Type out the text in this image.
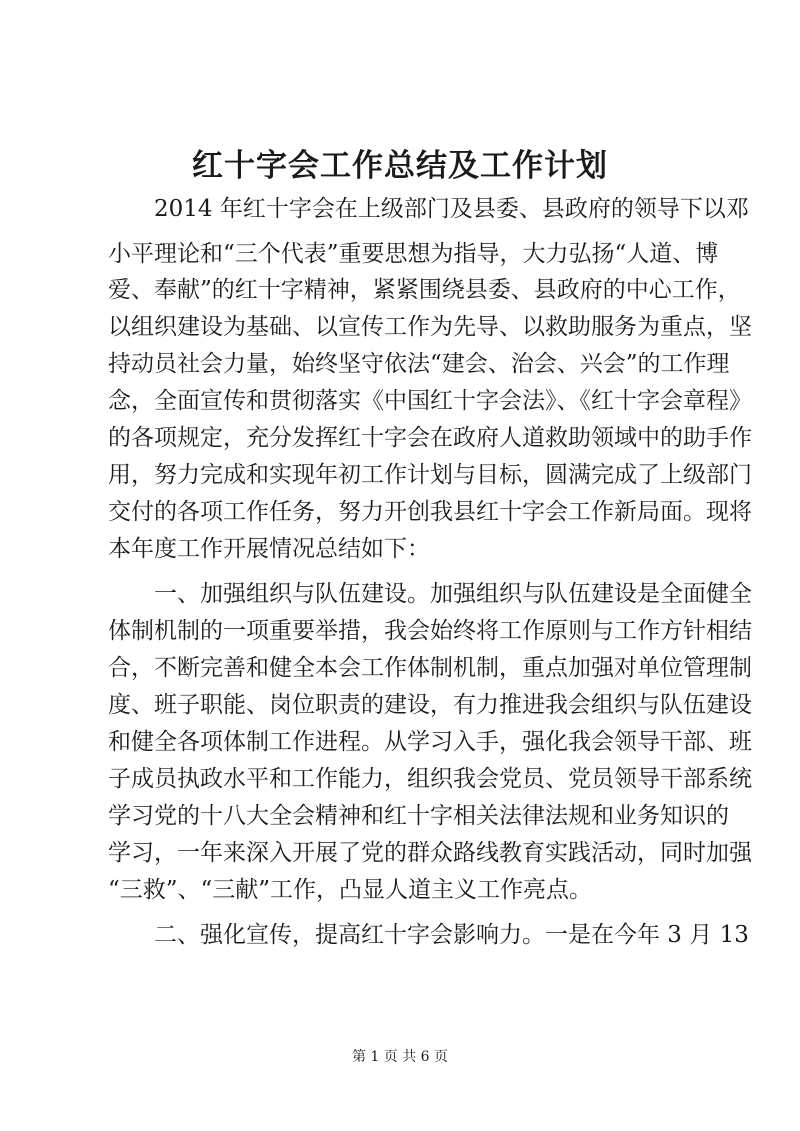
红十字会工作总结及工作计划
2014 年红十字会在上级部门及县委、县政府的领导下以邓
小平理论和“三个代表”重要思想为指导，大力弘扬“人道、博
爱、奉献”的红十字精神，紧紧围绕县委、县政府的中心工作，
以组织建设为基础、以宣传工作为先导、以救助服务为重点，坚
持动员社会力量，始终坚守依法“建会、治会、兴会”的工作理
念，全面宣传和贯彻落实《中国红十字会法》、《红十字会章程》
的各项规定，充分发挥红十字会在政府人道救助领域中的助手作
用，努力完成和实现年初工作计划与目标，圆满完成了上级部门
交付的各项工作任务，努力开创我县红十字会工作新局面。现将
本年度工作开展情况总结如下：
一、加强组织与队伍建设。加强组织与队伍建设是全面健全
体制机制的一项重要举措，我会始终将工作原则与工作方针相结
合，不断完善和健全本会工作体制机制，重点加强对单位管理制
度、班子职能、岗位职责的建设，有力推进我会组织与队伍建设
和健全各项体制工作进程。从学习入手，强化我会领导干部、班
子成员执政水平和工作能力，组织我会党员、党员领导干部系统
学习党的十八大全会精神和红十字相关法律法规和业务知识的
学习，一年来深入开展了党的群众路线教育实践活动，同时加强
“三救”、“三献”工作，凸显人道主义工作亮点。
二、强化宣传，提高红十字会影响力。一是在今年 3 月 13
第 1 页 共 6 页
